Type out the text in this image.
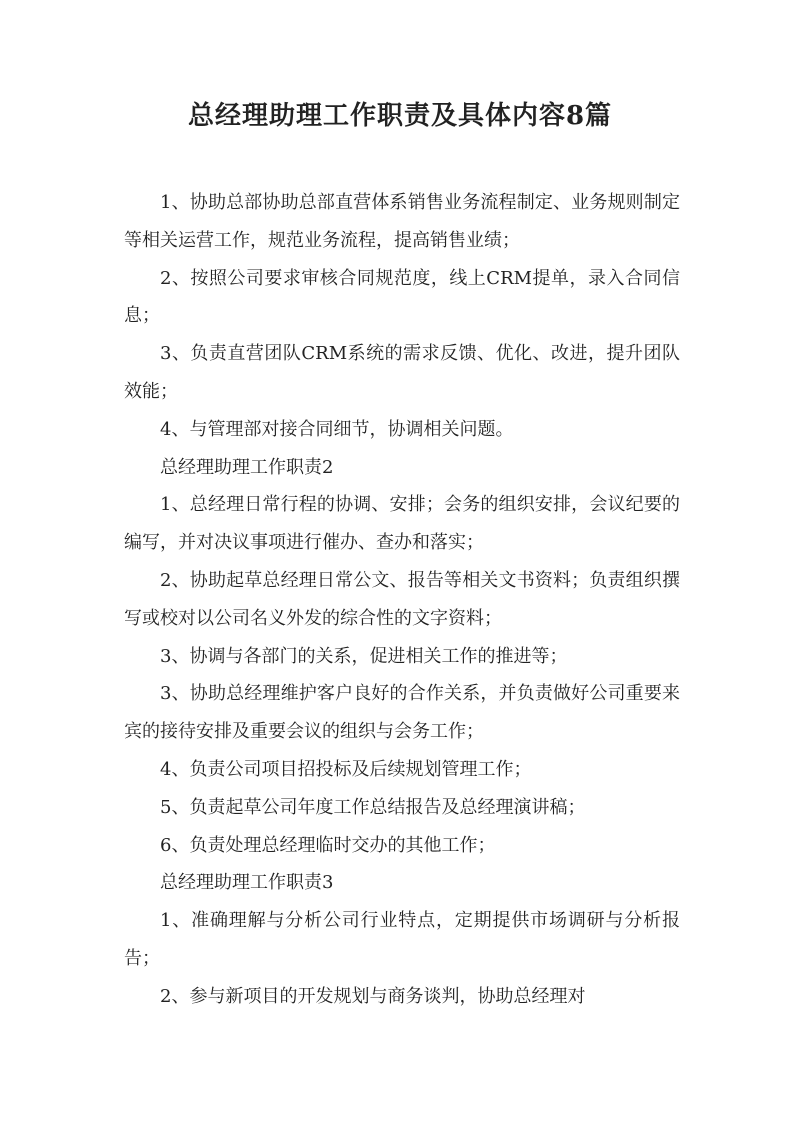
总经理助理工作职责及具体内容8篇

1、协助总部协助总部直营体系销售业务流程制定、业务规则制定等相关运营工作，规范业务流程，提高销售业绩；

2、按照公司要求审核合同规范度，线上CRM提单，录入合同信息；

3、负责直营团队CRM系统的需求反馈、优化、改进，提升团队效能；

4、与管理部对接合同细节，协调相关问题。

总经理助理工作职责2

1、总经理日常行程的协调、安排；会务的组织安排，会议纪要的编写，并对决议事项进行催办、查办和落实；

2、协助起草总经理日常公文、报告等相关文书资料；负责组织撰写或校对以公司名义外发的综合性的文字资料；

3、协调与各部门的关系，促进相关工作的推进等；

3、协助总经理维护客户良好的合作关系，并负责做好公司重要来宾的接待安排及重要会议的组织与会务工作；

4、负责公司项目招投标及后续规划管理工作；

5、负责起草公司年度工作总结报告及总经理演讲稿；

6、负责处理总经理临时交办的其他工作；

总经理助理工作职责3

1、准确理解与分析公司行业特点，定期提供市场调研与分析报告；

2、参与新项目的开发规划与商务谈判，协助总经理对
